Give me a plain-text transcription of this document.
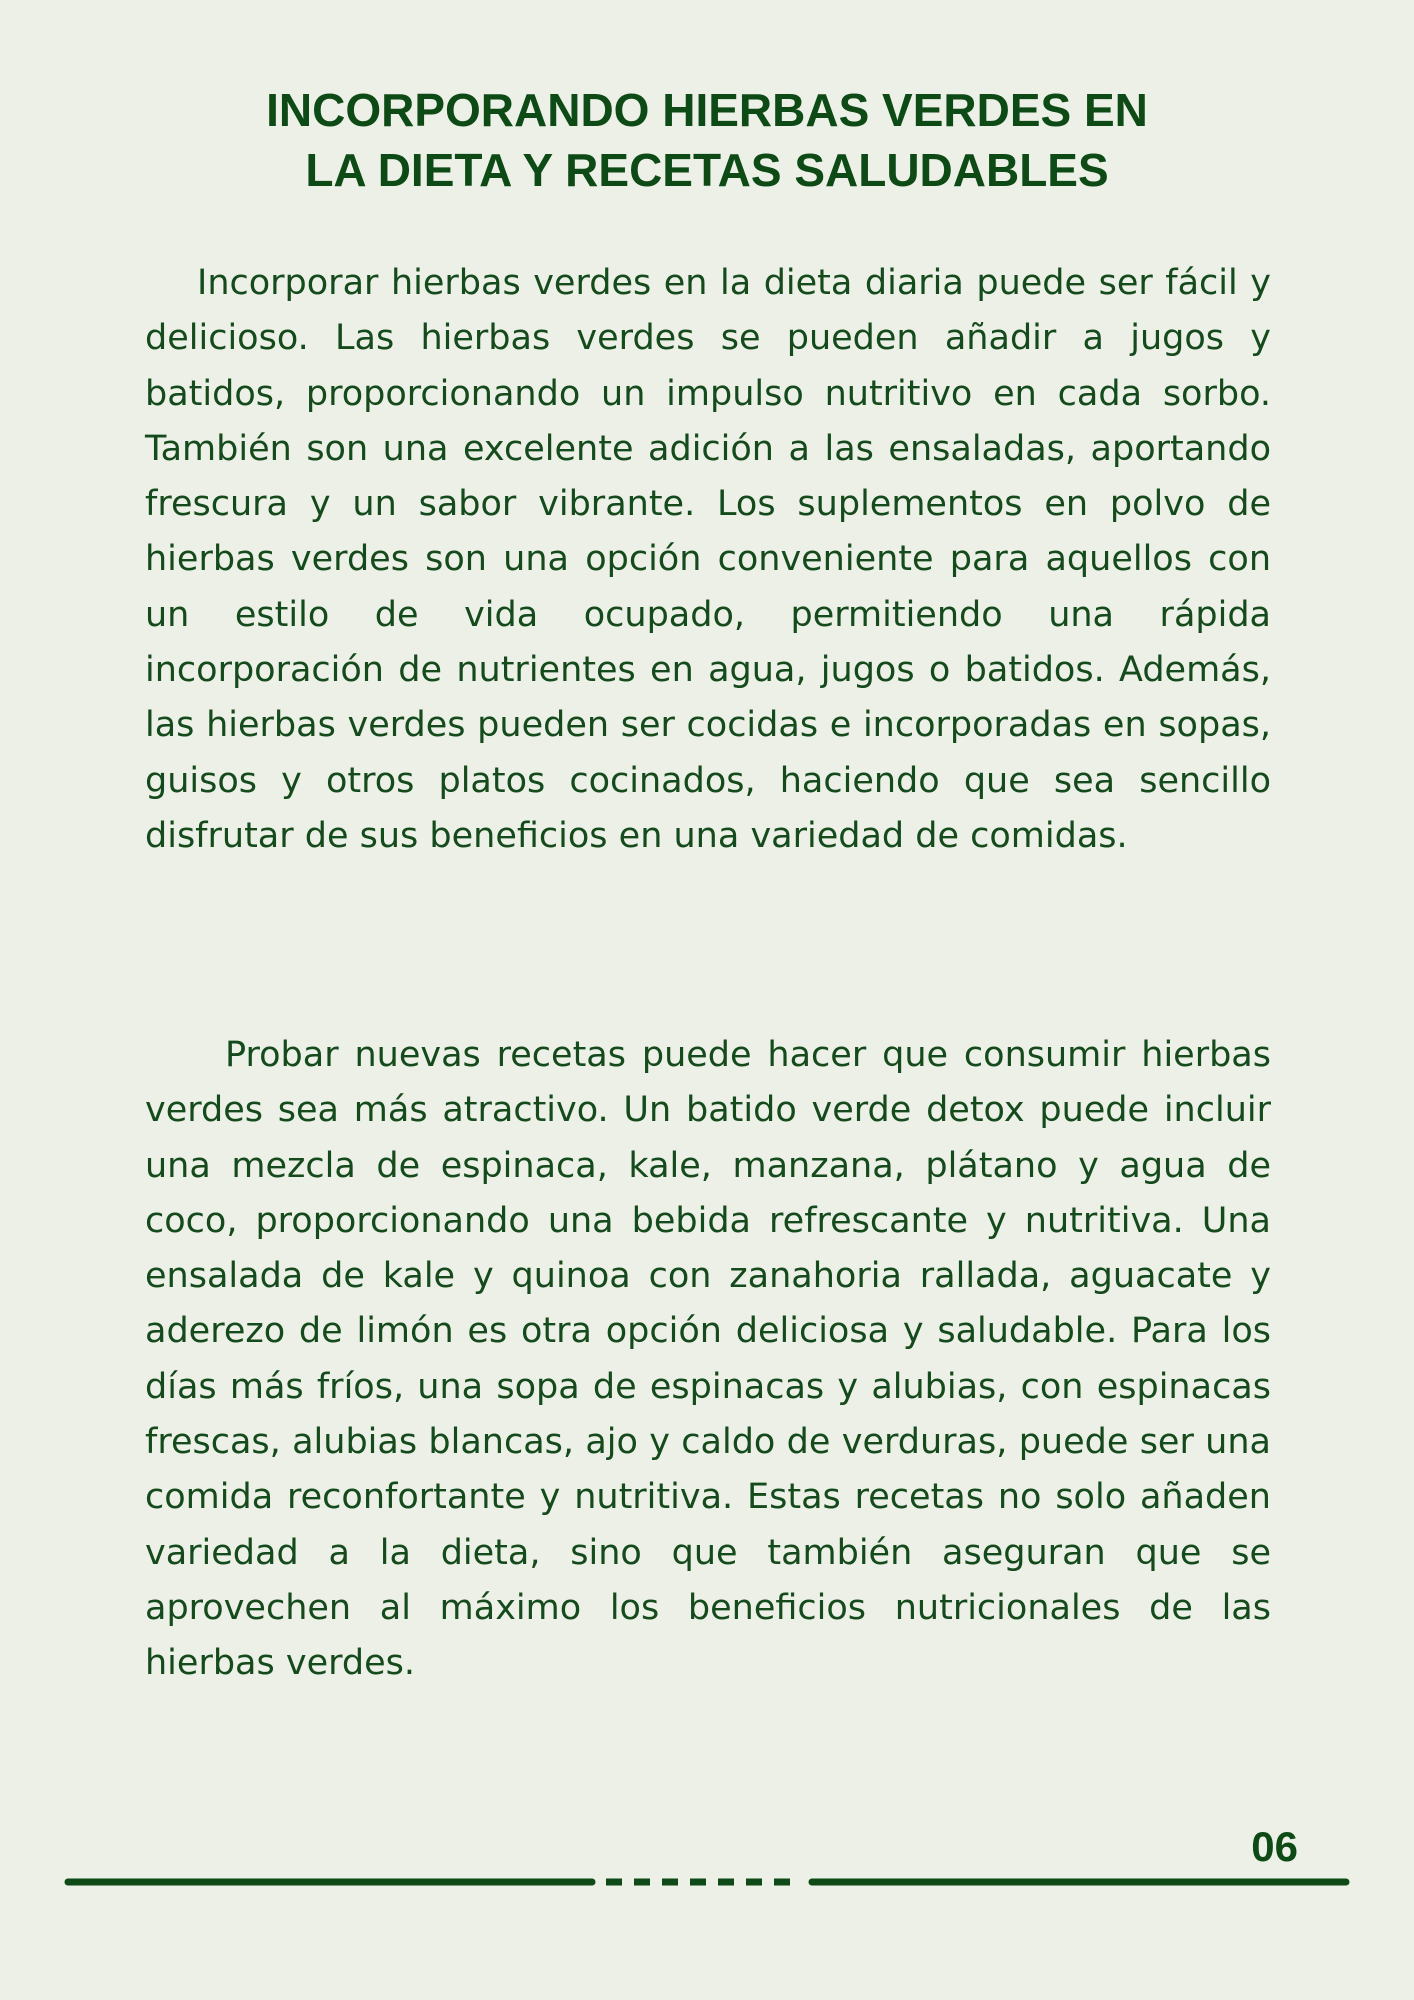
INCORPORANDO HIERBAS VERDES EN
LA DIETA Y RECETAS SALUDABLES

Incorporar hierbas verdes en la dieta diaria puede ser fácil y delicioso. Las hierbas verdes se pueden añadir a jugos y batidos, proporcionando un impulso nutritivo en cada sorbo. También son una excelente adición a las ensaladas, aportando frescura y un sabor vibrante. Los suplementos en polvo de hierbas verdes son una opción conveniente para aquellos con un estilo de vida ocupado, permitiendo una rápida incorporación de nutrientes en agua, jugos o batidos. Además, las hierbas verdes pueden ser cocidas e incorporadas en sopas, guisos y otros platos cocinados, haciendo que sea sencillo disfrutar de sus beneficios en una variedad de comidas.

Probar nuevas recetas puede hacer que consumir hierbas verdes sea más atractivo. Un batido verde detox puede incluir una mezcla de espinaca, kale, manzana, plátano y agua de coco, proporcionando una bebida refrescante y nutritiva. Una ensalada de kale y quinoa con zanahoria rallada, aguacate y aderezo de limón es otra opción deliciosa y saludable. Para los días más fríos, una sopa de espinacas y alubias, con espinacas frescas, alubias blancas, ajo y caldo de verduras, puede ser una comida reconfortante y nutritiva. Estas recetas no solo añaden variedad a la dieta, sino que también aseguran que se aprovechen al máximo los beneficios nutricionales de las hierbas verdes.

06
